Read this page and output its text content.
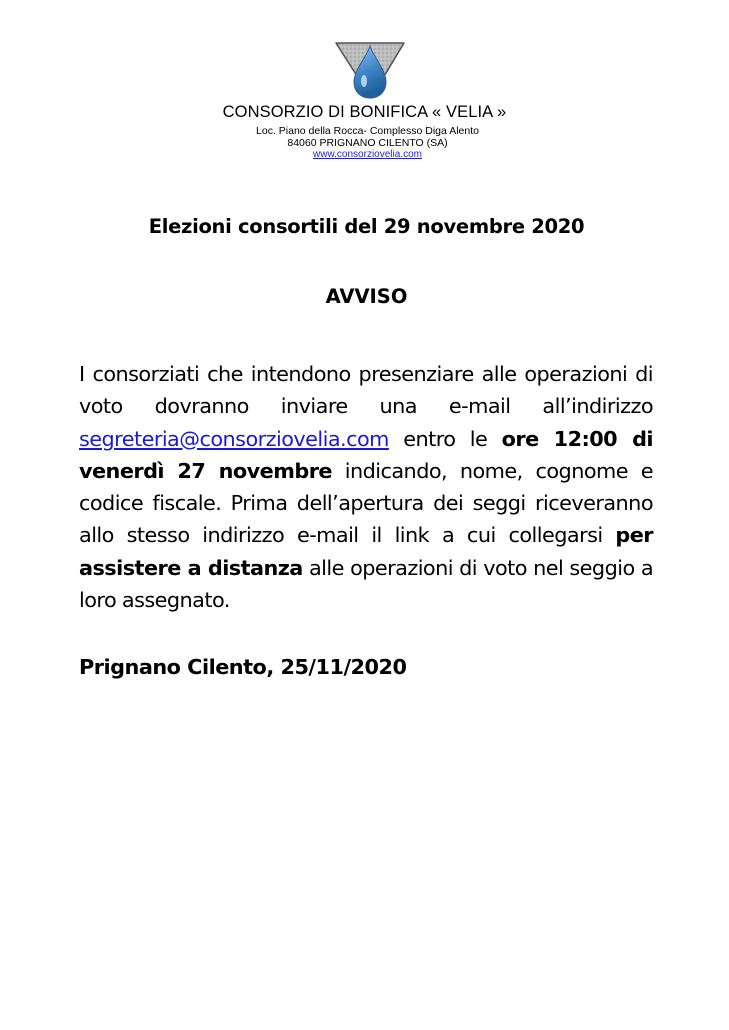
CONSORZIO DI BONIFICA « VELIA »
Loc. Piano della Rocca- Complesso Diga Alento
84060 PRIGNANO CILENTO (SA)
www.consorziovelia.com
Elezioni consortili del 29 novembre 2020
AVVISO
I consorziati che intendono presenziare alle operazioni di voto dovranno inviare una e-mail all’indirizzo segreteria@consorziovelia.com entro le ore 12:00 di venerdì 27 novembre indicando, nome, cognome e codice fiscale. Prima dell’apertura dei seggi riceveranno allo stesso indirizzo e-mail il link a cui collegarsi per assistere a distanza alle operazioni di voto nel seggio a loro assegnato.
Prignano Cilento, 25/11/2020
